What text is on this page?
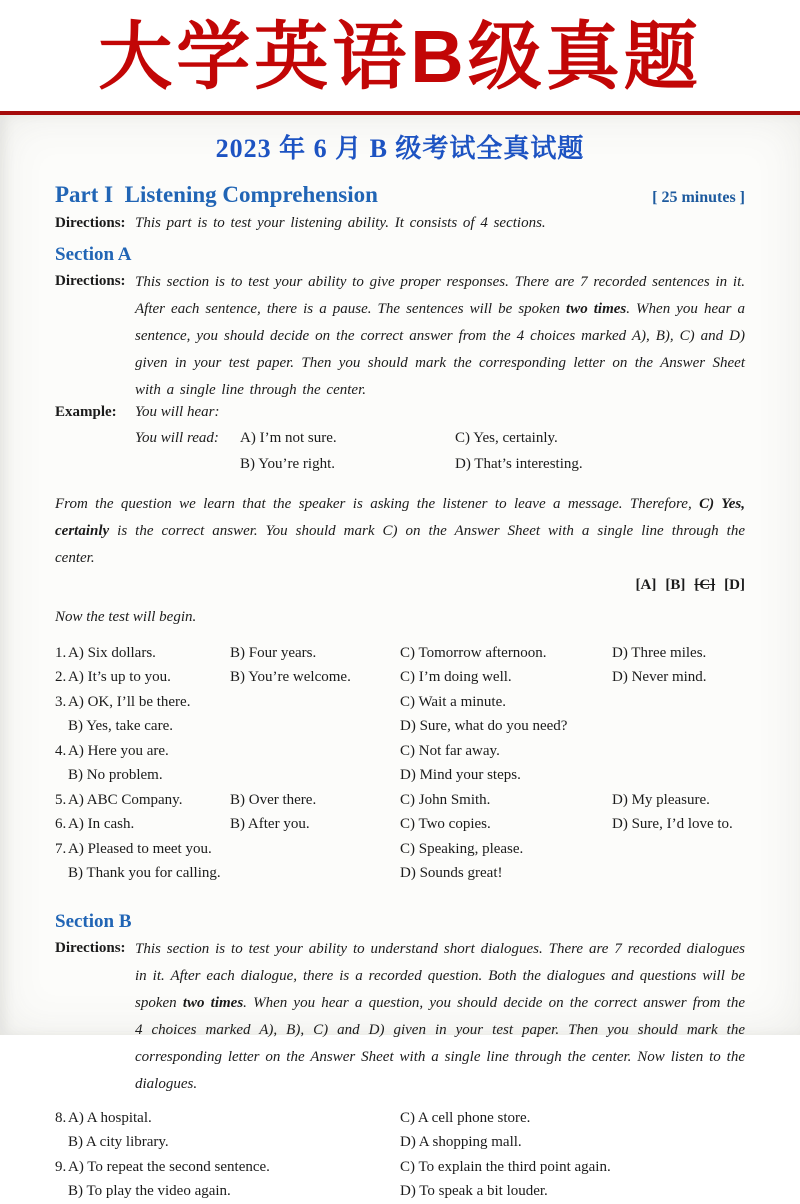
大学英语B级真题
2023 年 6 月 B 级考试全真试题
Part I  Listening Comprehension	[ 25 minutes ]
Directions: This part is to test your listening ability. It consists of 4 sections.

Section A
Directions: This section is to test your ability to give proper responses. There are 7 recorded sentences in it. After each sentence, there is a pause. The sentences will be spoken two times. When you hear a sentence, you should decide on the correct answer from the 4 choices marked A), B), C) and D) given in your test paper. Then you should mark the corresponding letter on the Answer Sheet with a single line through the center.

Example: You will hear:
You will read: A) I’m not sure.	C) Yes, certainly.
B) You’re right.	D) That’s interesting.

From the question we learn that the speaker is asking the listener to leave a message. Therefore, C) Yes, certainly is the correct answer. You should mark C) on the Answer Sheet with a single line through the center.

[A] [B] [C] [D]

Now the test will begin.

1. A) Six dollars.	B) Four years.	C) Tomorrow afternoon.	D) Three miles.
2. A) It’s up to you.	B) You’re welcome.	C) I’m doing well.	D) Never mind.
3. A) OK, I’ll be there.	C) Wait a minute.
B) Yes, take care.	D) Sure, what do you need?
4. A) Here you are.	C) Not far away.
B) No problem.	D) Mind your steps.
5. A) ABC Company.	B) Over there.	C) John Smith.	D) My pleasure.
6. A) In cash.	B) After you.	C) Two copies.	D) Sure, I’d love to.
7. A) Pleased to meet you.	C) Speaking, please.
B) Thank you for calling.	D) Sounds great!
Section B
Directions: This section is to test your ability to understand short dialogues. There are 7 recorded dialogues in it. After each dialogue, there is a recorded question. Both the dialogues and questions will be spoken two times. When you hear a question, you should decide on the correct answer from the 4 choices marked A), B), C) and D) given in your test paper. Then you should mark the corresponding letter on the Answer Sheet with a single line through the center. Now listen to the dialogues.

8. A) A hospital.	C) A cell phone store.
B) A city library.	D) A shopping mall.
9. A) To repeat the second sentence.	C) To explain the third point again.
B) To play the video again.	D) To speak a bit louder.
